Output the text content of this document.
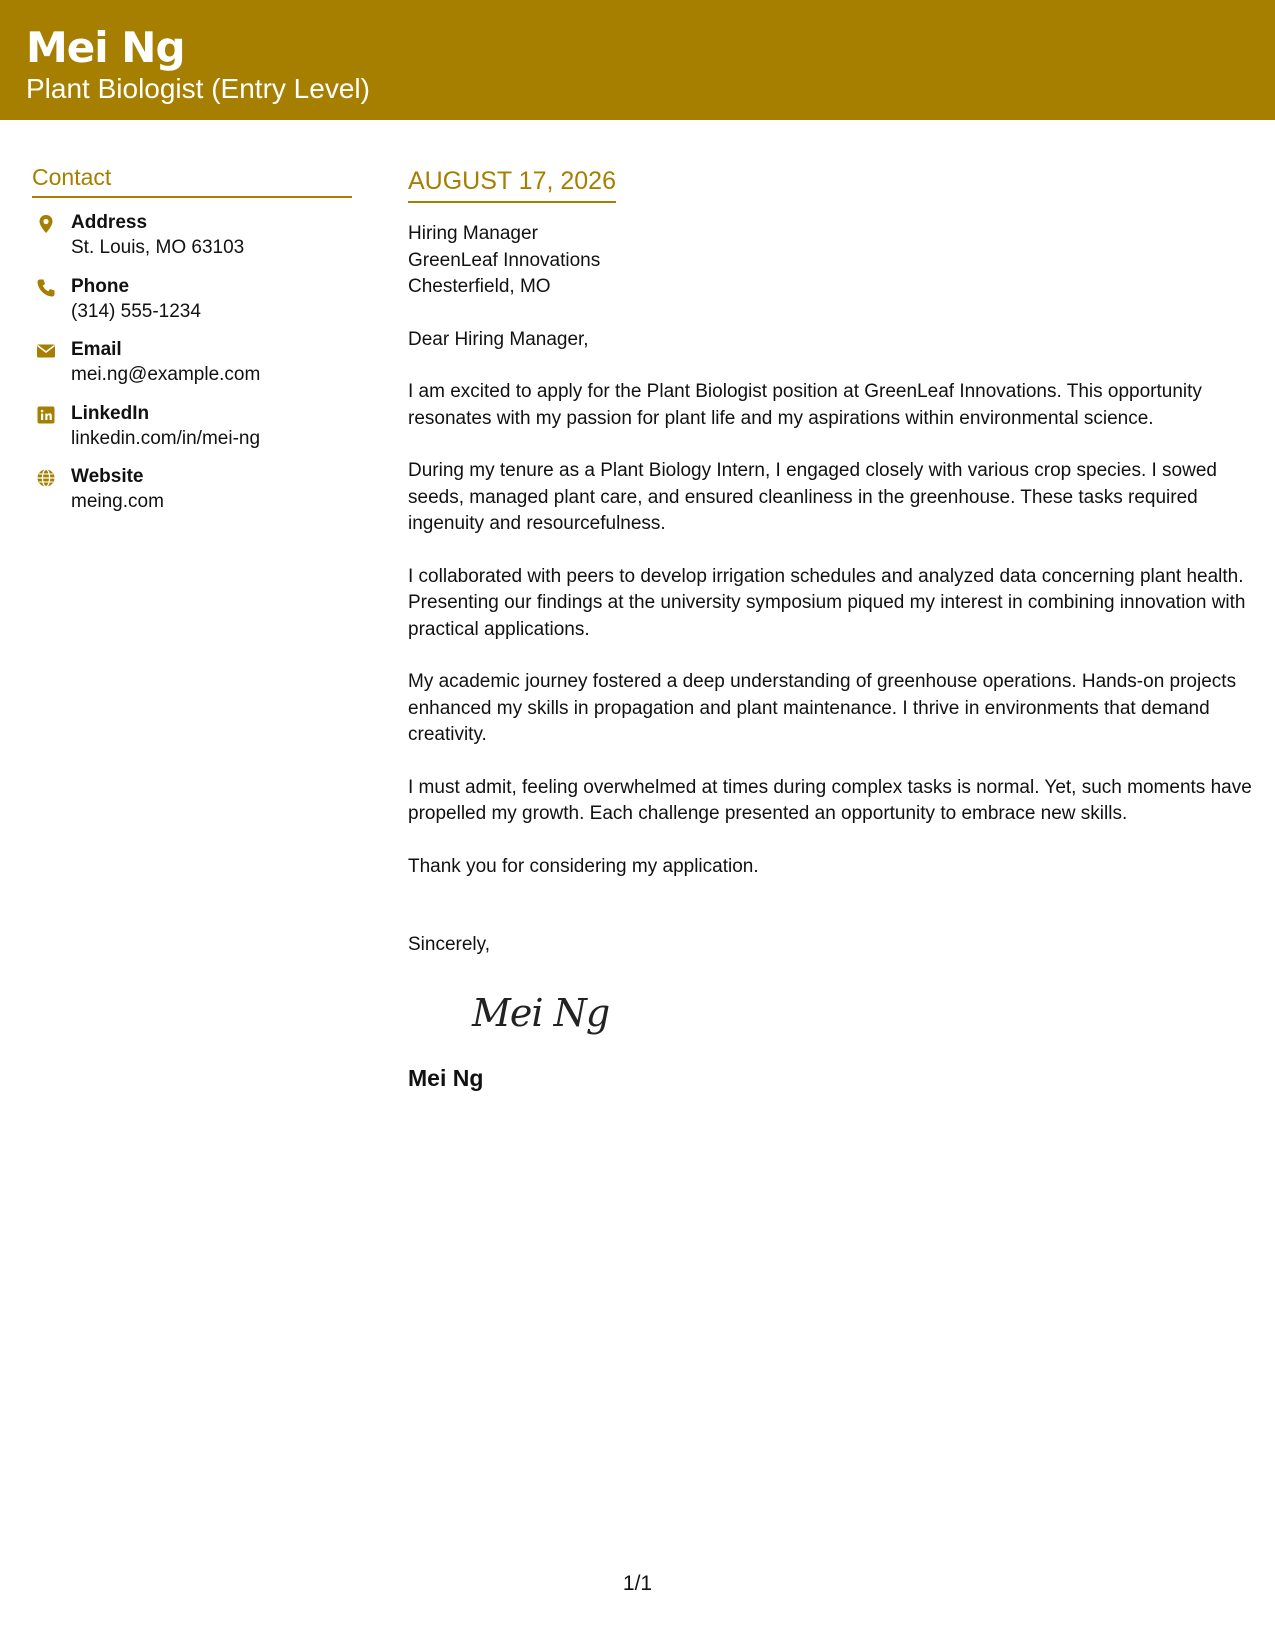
Mei Ng
Plant Biologist (Entry Level)
Contact
Address
St. Louis, MO 63103
Phone
(314) 555-1234
Email
mei.ng@example.com
LinkedIn
linkedin.com/in/mei-ng
Website
meing.com
AUGUST 17, 2026
Hiring Manager
GreenLeaf Innovations
Chesterfield, MO
Dear Hiring Manager,
I am excited to apply for the Plant Biologist position at GreenLeaf Innovations. This opportunity resonates with my passion for plant life and my aspirations within environmental science.
During my tenure as a Plant Biology Intern, I engaged closely with various crop species. I sowed seeds, managed plant care, and ensured cleanliness in the greenhouse. These tasks required ingenuity and resourcefulness.
I collaborated with peers to develop irrigation schedules and analyzed data concerning plant health. Presenting our findings at the university symposium piqued my interest in combining innovation with practical applications.
My academic journey fostered a deep understanding of greenhouse operations. Hands-on projects enhanced my skills in propagation and plant maintenance. I thrive in environments that demand creativity.
I must admit, feeling overwhelmed at times during complex tasks is normal. Yet, such moments have propelled my growth. Each challenge presented an opportunity to embrace new skills.
Thank you for considering my application.
Sincerely,
Mei Ng
Mei Ng
1/1
